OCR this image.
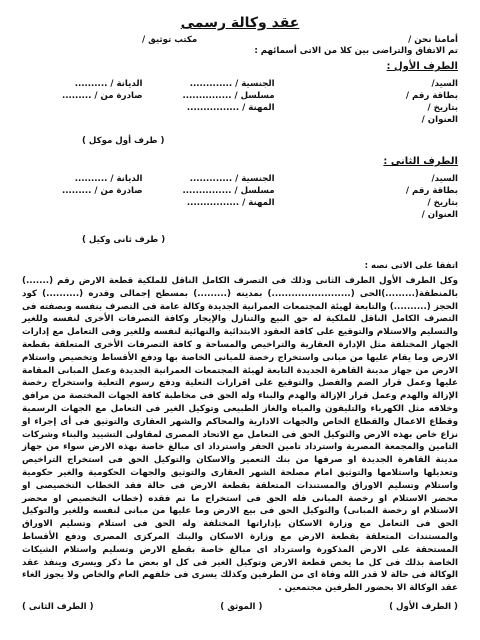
عقد وكالة رسمى
أمامنا نحن /
مكتب توثيق /
تم الاتفاق والتراضى بين كلا من الاتى أسمائهم :
الطرف الأول :
السيد/
بطاقة رقم /
بتاريخ /
العنوان /
الجنسية / .............
مسلسل / ...............
المهنة / ................
الديانة / ..........
صادرة من / .........
( طرف أول موكل )
الطرف الثانى :
السيد/
بطاقة رقم /
بتاريخ /
العنوان /
الجنسية / .............
مسلسل / ...............
المهنة / ................
الديانة / ..........
صادرة من / .........
( طرف ثانى وكيل )
اتفقا على الاتى نصه :
وكل الطرف الأول الطرف الثانى وذلك فى التصرف الكامل الناقل للملكية قطعة الارض رقم (.......) بالمنطقة(.........)الحى (........................) بمدينه (.........) بمسطح إجمالى وقدره (..........) كود الحجز (..........) والتابعة لهيئة المجتمعات العمرانية الجديدة وكالة عامة فى التصرف بنفسه وبصفته فى التصرف الكامل الناقل للملكية له حق البيع والتنازل والإيجار وكافة التصرفات الأخرى لنفسه وللغير والتسليم والاستلام والتوقيع على كافة العقود الابتدائية والنهائية لنفسه وللغير وفى التعامل مع إدارات الجهاز المختلفة مثل الإدارة العقارية والتراخيص والمساحة و كافة التصرفات الأخرى المتعلقة بقطعة الارض وما يقام عليها من مبانى واستخراج رخصة للمبانى الخاصة بها ودفع الأقساط وتخصيص واستلام الارض من جهاز مدينة القاهرة الجديدة التابعة لهيئة المجتمعات العمرانية الجديدة وعمل المبانى المقامة عليها وعمل قرار الضم والفصل والتوقيع على اقرارات التعلية ودفع رسوم التعلية واستخراج رخصة الإزالة والهدم وعمل قرار الإزالة والهدم والبناء وله الحق فى مخاطبة كافة الجهات المختصة من مرافق وخلافه مثل الكهرباء والتليفون والمياه والغاز الطبيعى وتوكيل الغير فى التعامل مع الجهات الرسمية وقطاع الاعمال والقطاع الخاص والجهات الادارية والمحاكم والشهر العقارى والتوثيق فى أى إجراء او نزاع خاص بهذه الارض والتوكيل الحق فى التعامل مع الاتحاد المصرى لمقاولى التشييد والبناء وشركات التامين والمجمعة المصرية واسترداد تامين الحفر واسترداد اى مبالغ خاصة بهذه الارض سواء من جهاز مدينة القاهرة الجديدة او صرفها من بنك التعمير والاسكان والتوكيل الحق فى استخراج التراخيص وتعديلها واستلامها والتوثيق امام مصلحة الشهر العقارى والتوثيق والجهات الحكومية والغير حكومية واستلام وتسليم الاوراق والمستندات المتعلقة بقطعة الارض فى حالة فقد الخطاب التخصيصى او محضر الاستلام او رخصة المبانى فله الحق فى استخراج ما تم فقده (خطاب التخصيص او محضر الاستلام او رخصة المبانى) والتوكيل الحق فى بيع الارض وما عليها من مبانى لنفسه وللغير والتوكيل الحق فى التعامل مع وزارة الاسكان بإداراتها المختلفة وله الحق فى استلام وتسليم الاوراق والمستندات المتعلقة بقطعة الارض مع وزارة الاسكان والبنك المركزى المصرى ودفع الأقساط المستحقة على الارض المذكورة واسترداد اى مبالغ خاصة بقطع الارض وتسليم واستلام الشيكات الخاصة بذلك فى كل ما يخص قطعة الارض وتوكيل الغير فى كل او بعض ما ذكر ويسرى وينفذ عقد الوكالة فى حالة لا قدر الله وفاة اى من الطرفين وكذلك يسرى فى خلفهم العام والخاص ولا يجوز الغاء عقد الوكالة الا بحضور الطرفين مجتمعين .
( الطرف الأول )
( الموثق )
( الطرف الثانى )
